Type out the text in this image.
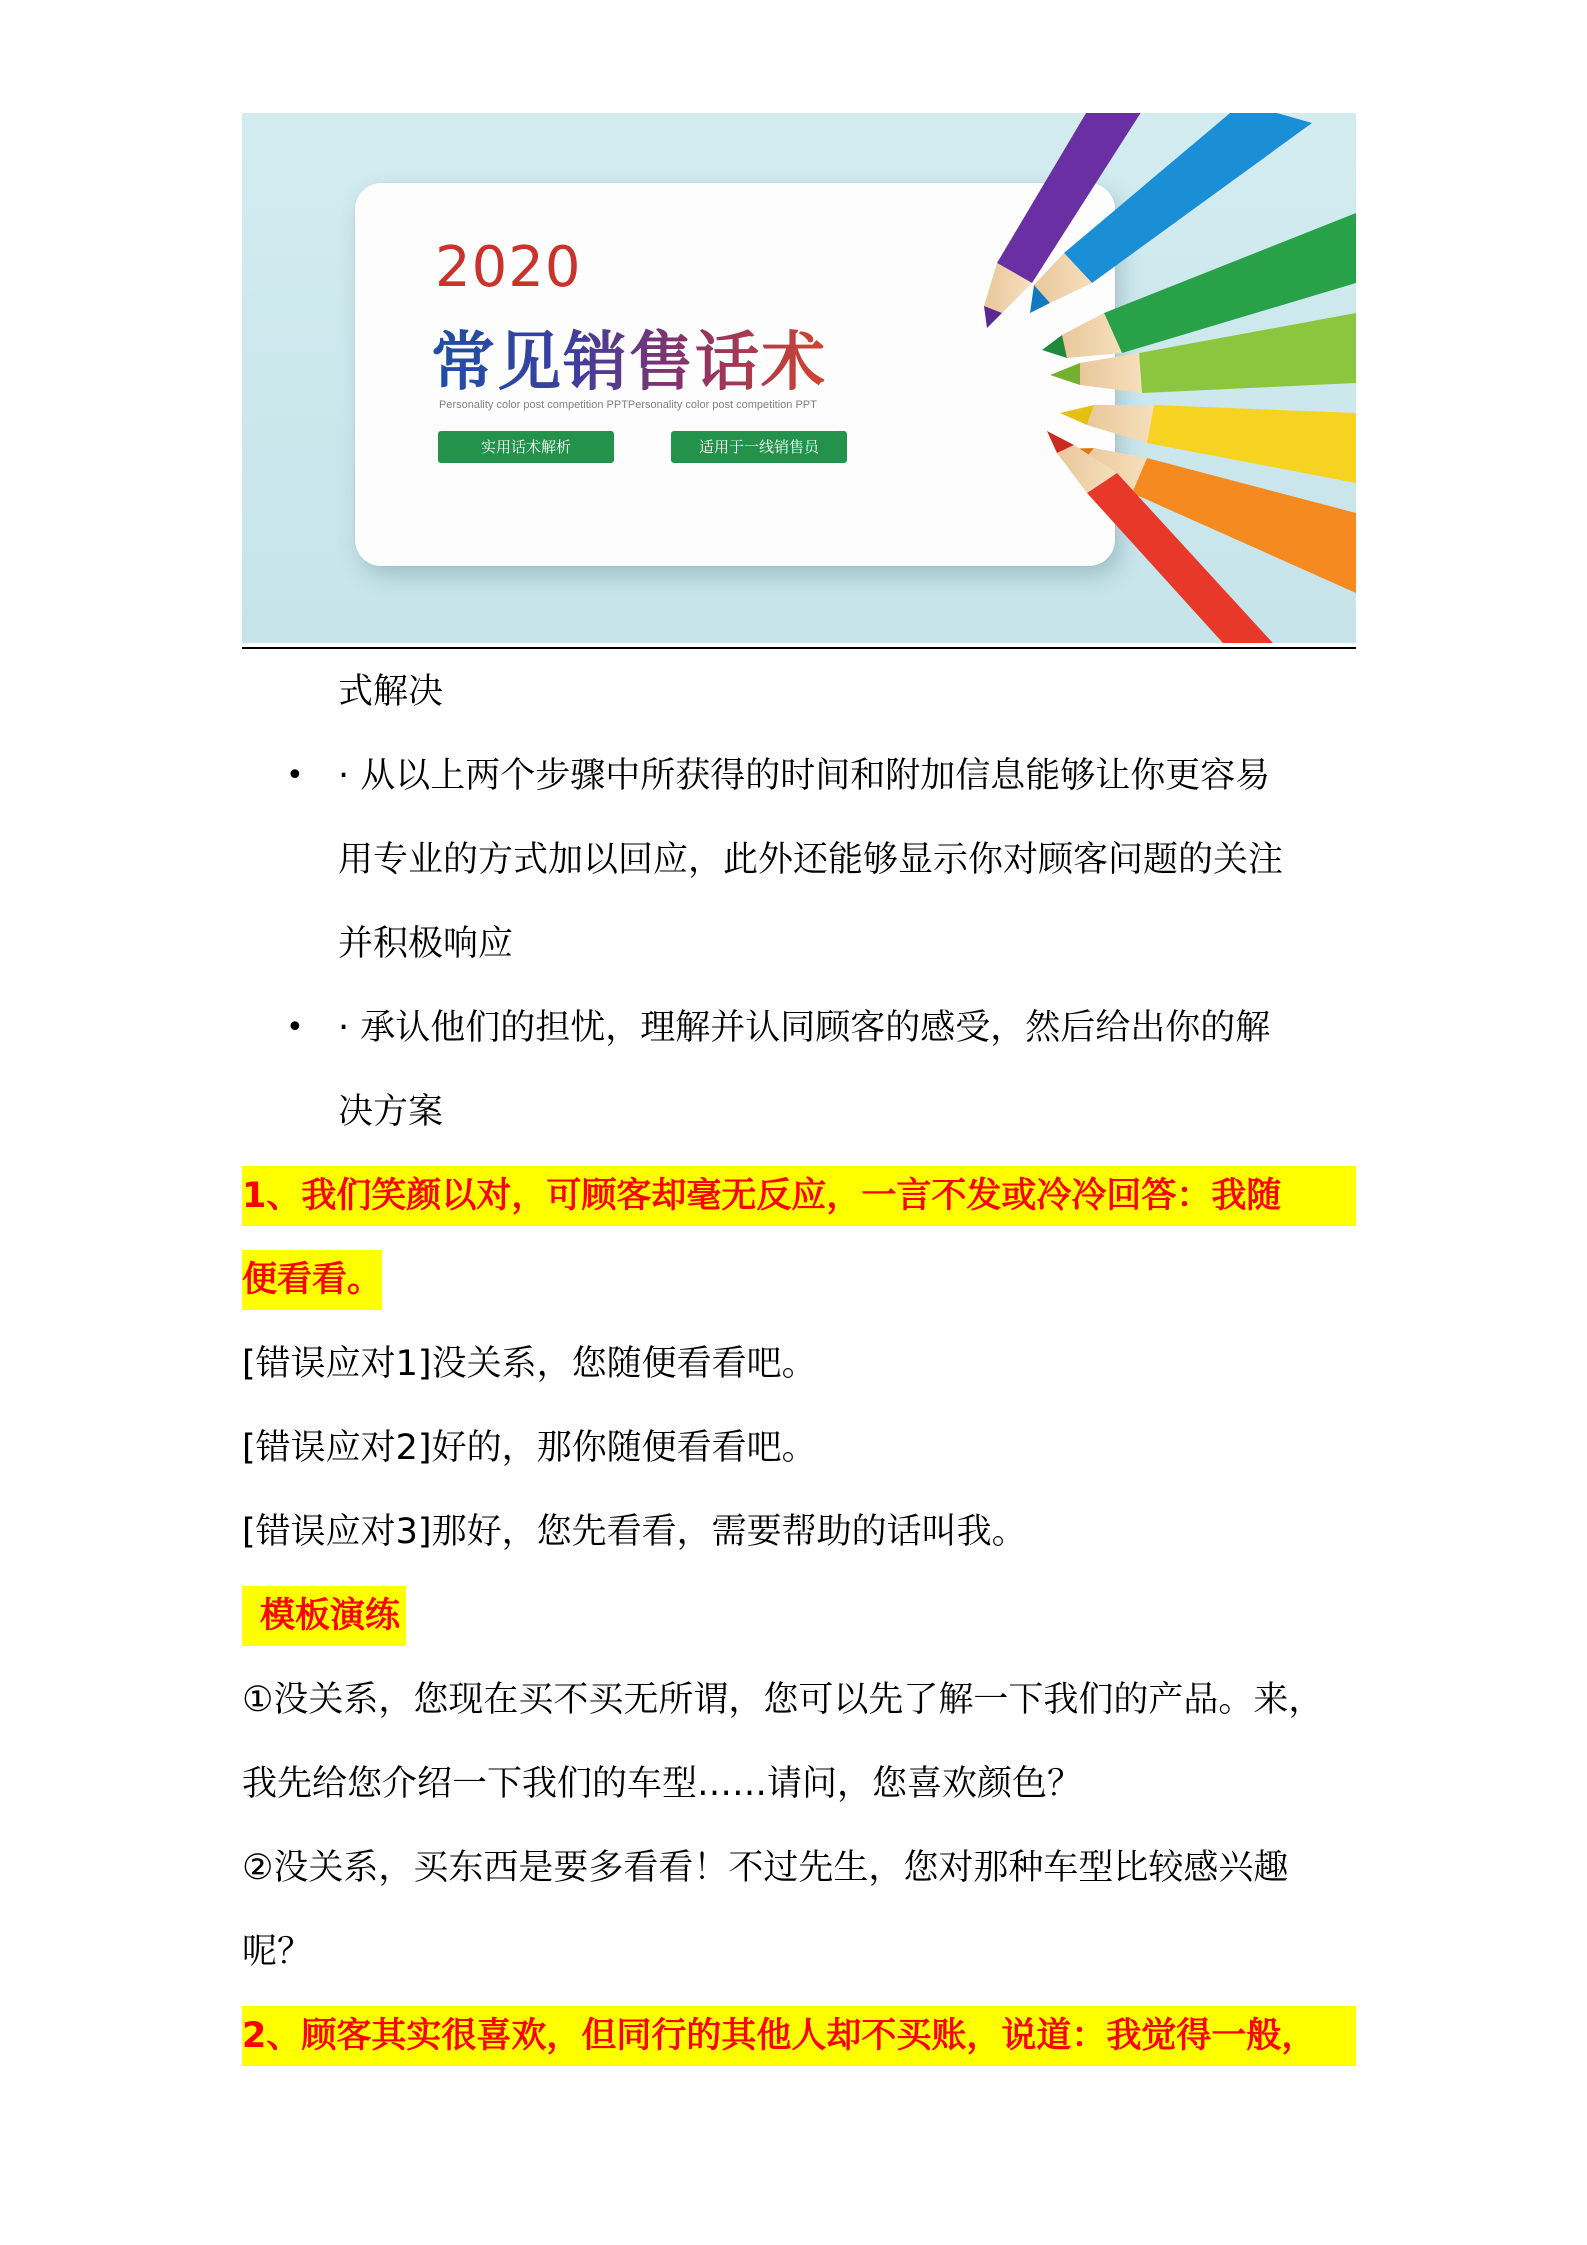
2020
常见销售话术
Personality color post competition PPTPersonality color post competition PPT
实用话术解析	适用于一线销售员
式解决
• · 从以上两个步骤中所获得的时间和附加信息能够让你更容易
用专业的方式加以回应，此外还能够显示你对顾客问题的关注
并积极响应
• · 承认他们的担忧，理解并认同顾客的感受，然后给出你的解
决方案
1、我们笑颜以对，可顾客却毫无反应，一言不发或冷冷回答：我随
便看看。
[错误应对1]没关系，您随便看看吧。
[错误应对2]好的，那你随便看看吧。
[错误应对3]那好，您先看看，需要帮助的话叫我。
模板演练
①没关系，您现在买不买无所谓，您可以先了解一下我们的产品。来，
我先给您介绍一下我们的车型……请问，您喜欢颜色？
②没关系，买东西是要多看看！不过先生，您对那种车型比较感兴趣
呢？
2、顾客其实很喜欢，但同行的其他人却不买账，说道：我觉得一般，
